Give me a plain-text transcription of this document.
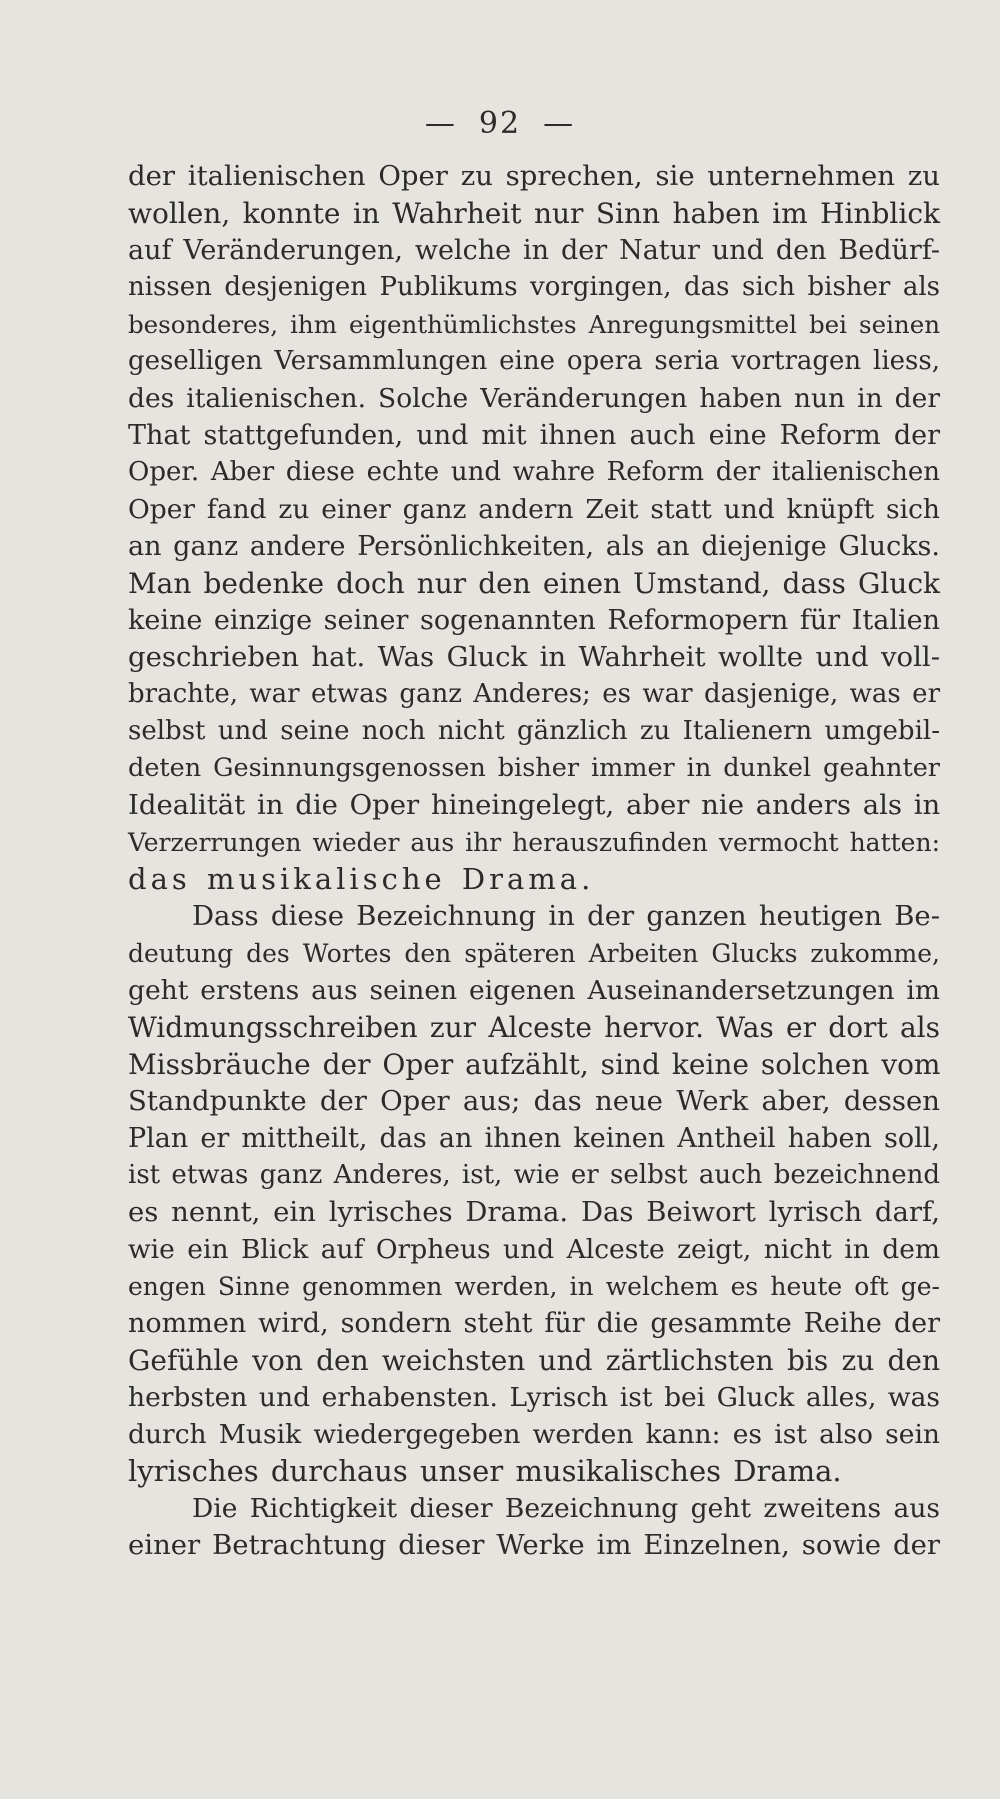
— 92 —
der italienischen Oper zu sprechen, sie unternehmen zu
wollen, konnte in Wahrheit nur Sinn haben im Hinblick
auf Veränderungen, welche in der Natur und den Bedürf-
nissen desjenigen Publikums vorgingen, das sich bisher als
besonderes, ihm eigenthümlichstes Anregungsmittel bei seinen
geselligen Versammlungen eine opera seria vortragen liess,
des italienischen. Solche Veränderungen haben nun in der
That stattgefunden, und mit ihnen auch eine Reform der
Oper. Aber diese echte und wahre Reform der italienischen
Oper fand zu einer ganz andern Zeit statt und knüpft sich
an ganz andere Persönlichkeiten, als an diejenige Glucks.
Man bedenke doch nur den einen Umstand, dass Gluck
keine einzige seiner sogenannten Reformopern für Italien
geschrieben hat. Was Gluck in Wahrheit wollte und voll-
brachte, war etwas ganz Anderes; es war dasjenige, was er
selbst und seine noch nicht gänzlich zu Italienern umgebil-
deten Gesinnungsgenossen bisher immer in dunkel geahnter
Idealität in die Oper hineingelegt, aber nie anders als in
Verzerrungen wieder aus ihr herauszufinden vermocht hatten:
das musikalische Drama.
Dass diese Bezeichnung in der ganzen heutigen Be-
deutung des Wortes den späteren Arbeiten Glucks zukomme,
geht erstens aus seinen eigenen Auseinandersetzungen im
Widmungsschreiben zur Alceste hervor. Was er dort als
Missbräuche der Oper aufzählt, sind keine solchen vom
Standpunkte der Oper aus; das neue Werk aber, dessen
Plan er mittheilt, das an ihnen keinen Antheil haben soll,
ist etwas ganz Anderes, ist, wie er selbst auch bezeichnend
es nennt, ein lyrisches Drama. Das Beiwort lyrisch darf,
wie ein Blick auf Orpheus und Alceste zeigt, nicht in dem
engen Sinne genommen werden, in welchem es heute oft ge-
nommen wird, sondern steht für die gesammte Reihe der
Gefühle von den weichsten und zärtlichsten bis zu den
herbsten und erhabensten. Lyrisch ist bei Gluck alles, was
durch Musik wiedergegeben werden kann: es ist also sein
lyrisches durchaus unser musikalisches Drama.
Die Richtigkeit dieser Bezeichnung geht zweitens aus
einer Betrachtung dieser Werke im Einzelnen, sowie der
